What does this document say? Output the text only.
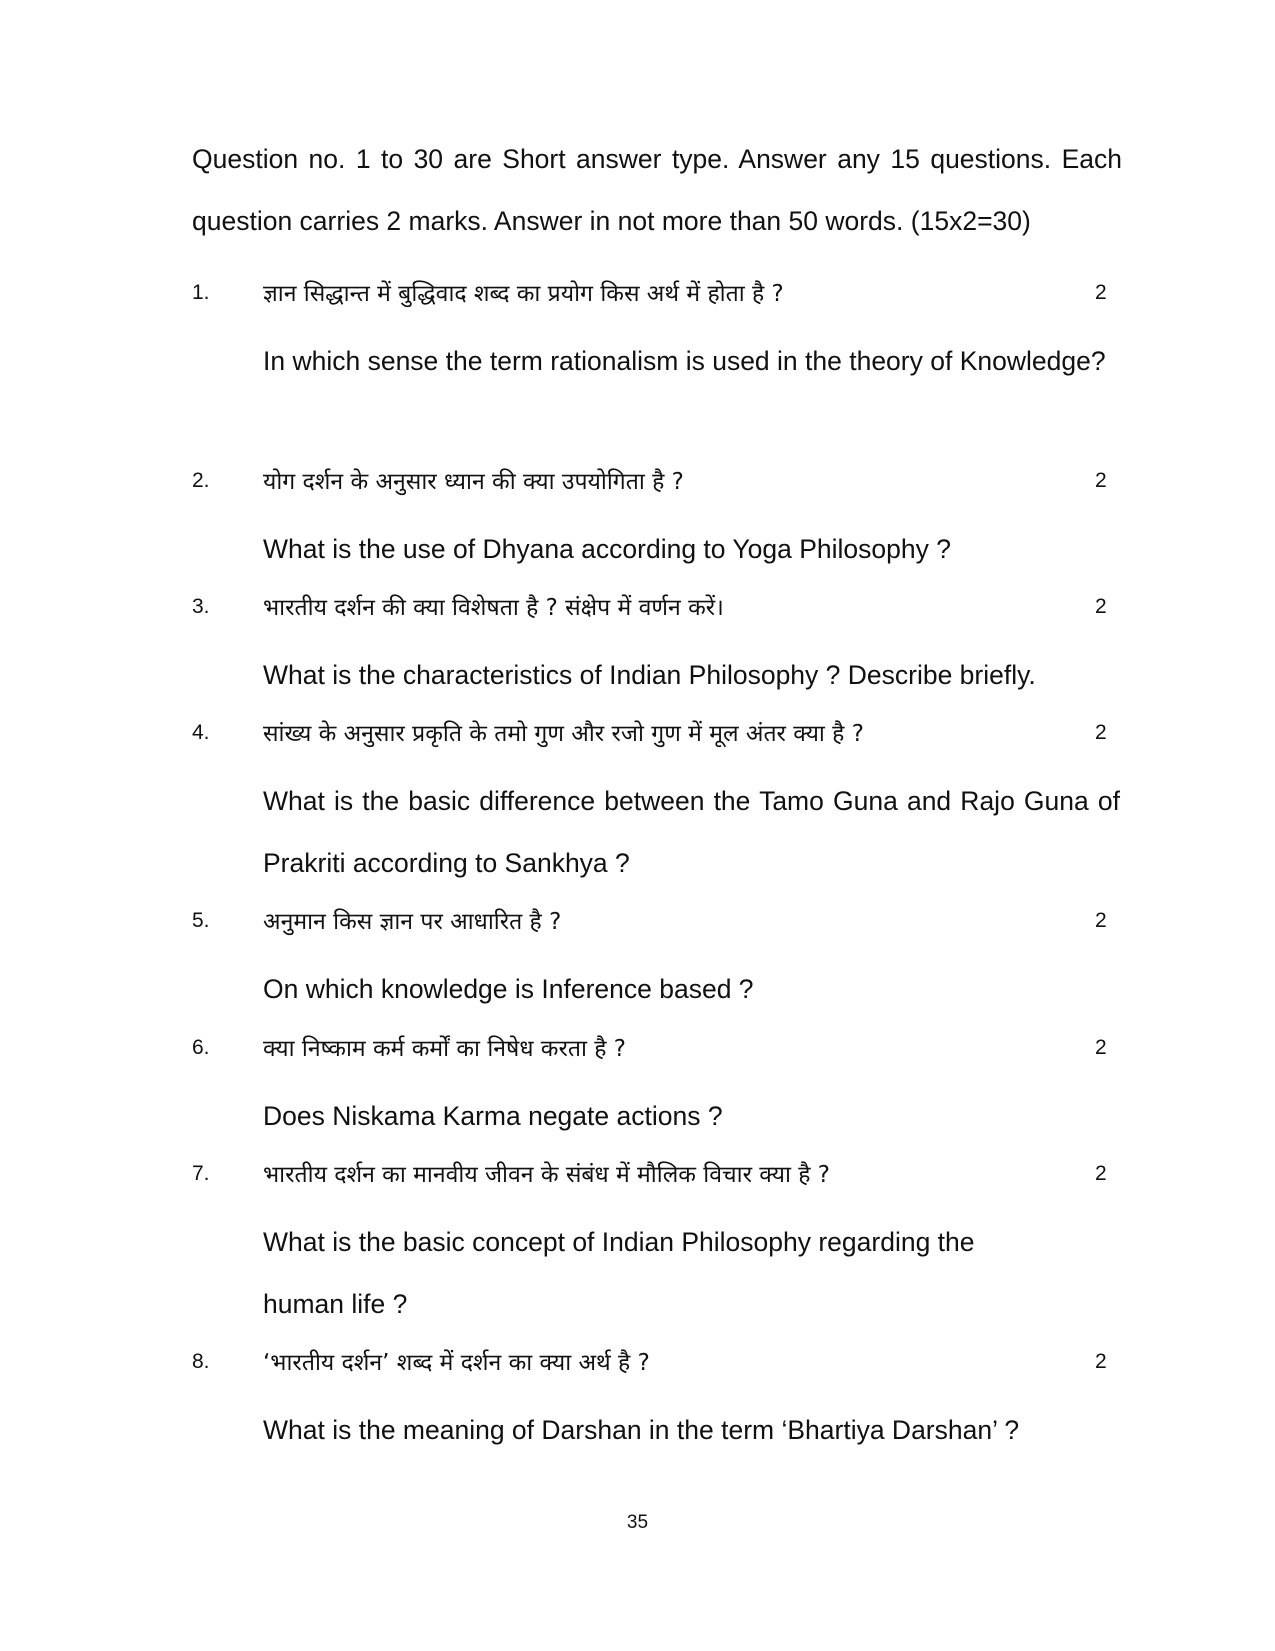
Question no. 1 to 30 are Short answer type. Answer any 15 questions. Each question carries 2 marks. Answer in not more than 50 words. (15x2=30)
1. ज्ञान सिद्धान्त में बुद्धिवाद शब्द का प्रयोग किस अर्थ में होता है ?	2
In which sense the term rationalism is used in the theory of Knowledge?
2. योग दर्शन के अनुसार ध्यान की क्या उपयोगिता है ?	2
What is the use of Dhyana according to Yoga Philosophy ?
3. भारतीय दर्शन की क्या विशेषता है ? संक्षेप में वर्णन करें।	2
What is the characteristics of Indian Philosophy ? Describe briefly.
4. सांख्य के अनुसार प्रकृति के तमो गुण और रजो गुण में मूल अंतर क्या है ?	2
What is the basic difference between the Tamo Guna and Rajo Guna of Prakriti according to Sankhya ?
5. अनुमान किस ज्ञान पर आधारित है ?	2
On which knowledge is Inference based ?
6. क्या निष्काम कर्म कर्मों का निषेध करता है ?	2
Does Niskama Karma negate actions ?
7. भारतीय दर्शन का मानवीय जीवन के संबंध में मौलिक विचार क्या है ?	2
What is the basic concept of Indian Philosophy regarding the human life ?
8. ‘भारतीय दर्शन’ शब्द में दर्शन का क्या अर्थ है ?	2
What is the meaning of Darshan in the term ‘Bhartiya Darshan’ ?
35
